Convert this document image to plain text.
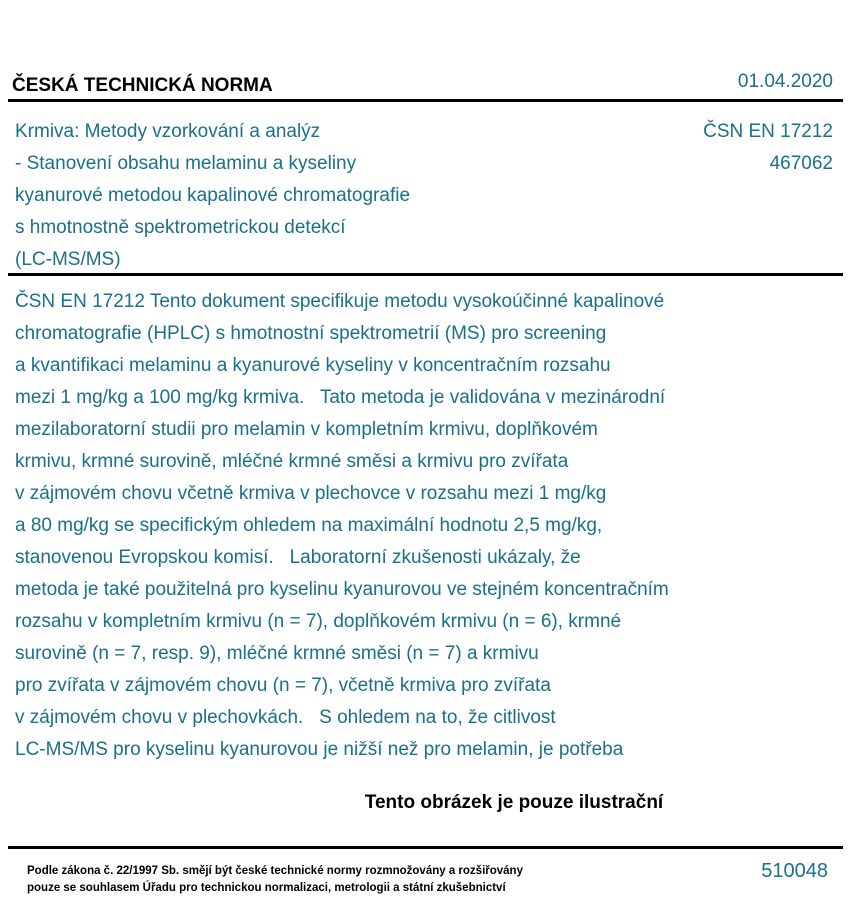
ČESKÁ TECHNICKÁ NORMA	01.04.2020
Krmiva: Metody vzorkování a analýz
- Stanovení obsahu melaminu a kyseliny
kyanurové metodou kapalinové chromatografie
s hmotnostně spektrometrickou detekcí
(LC-MS/MS)
ČSN EN 17212
467062
ČSN EN 17212 Tento dokument specifikuje metodu vysokoúčinné kapalinové
chromatografie (HPLC) s hmotnostní spektrometrií (MS) pro screening
a kvantifikaci melaminu a kyanurové kyseliny v koncentračním rozsahu
mezi 1 mg/kg a 100 mg/kg krmiva.   Tato metoda je validována v mezinárodní
mezilaboratorní studii pro melamin v kompletním krmivu, doplňkovém
krmivu, krmné surovině, mléčné krmné směsi a krmivu pro zvířata
v zájmovém chovu včetně krmiva v plechovce v rozsahu mezi 1 mg/kg
a 80 mg/kg se specifickým ohledem na maximální hodnotu 2,5 mg/kg,
stanovenou Evropskou komisí.   Laboratorní zkušenosti ukázaly, že
metoda je také použitelná pro kyselinu kyanurovou ve stejném koncentračním
rozsahu v kompletním krmivu (n = 7), doplňkovém krmivu (n = 6), krmné
surovině (n = 7, resp. 9), mléčné krmné směsi (n = 7) a krmivu
pro zvířata v zájmovém chovu (n = 7), včetně krmiva pro zvířata
v zájmovém chovu v plechovkách.   S ohledem na to, že citlivost
LC-MS/MS pro kyselinu kyanurovou je nižší než pro melamin, je potřeba
Tento obrázek je pouze ilustrační
Podle zákona č. 22/1997 Sb. smějí být české technické normy rozmnožovány a rozšiřovány
pouze se souhlasem Úřadu pro technickou normalizaci, metrologii a státní zkušebnictví
510048
